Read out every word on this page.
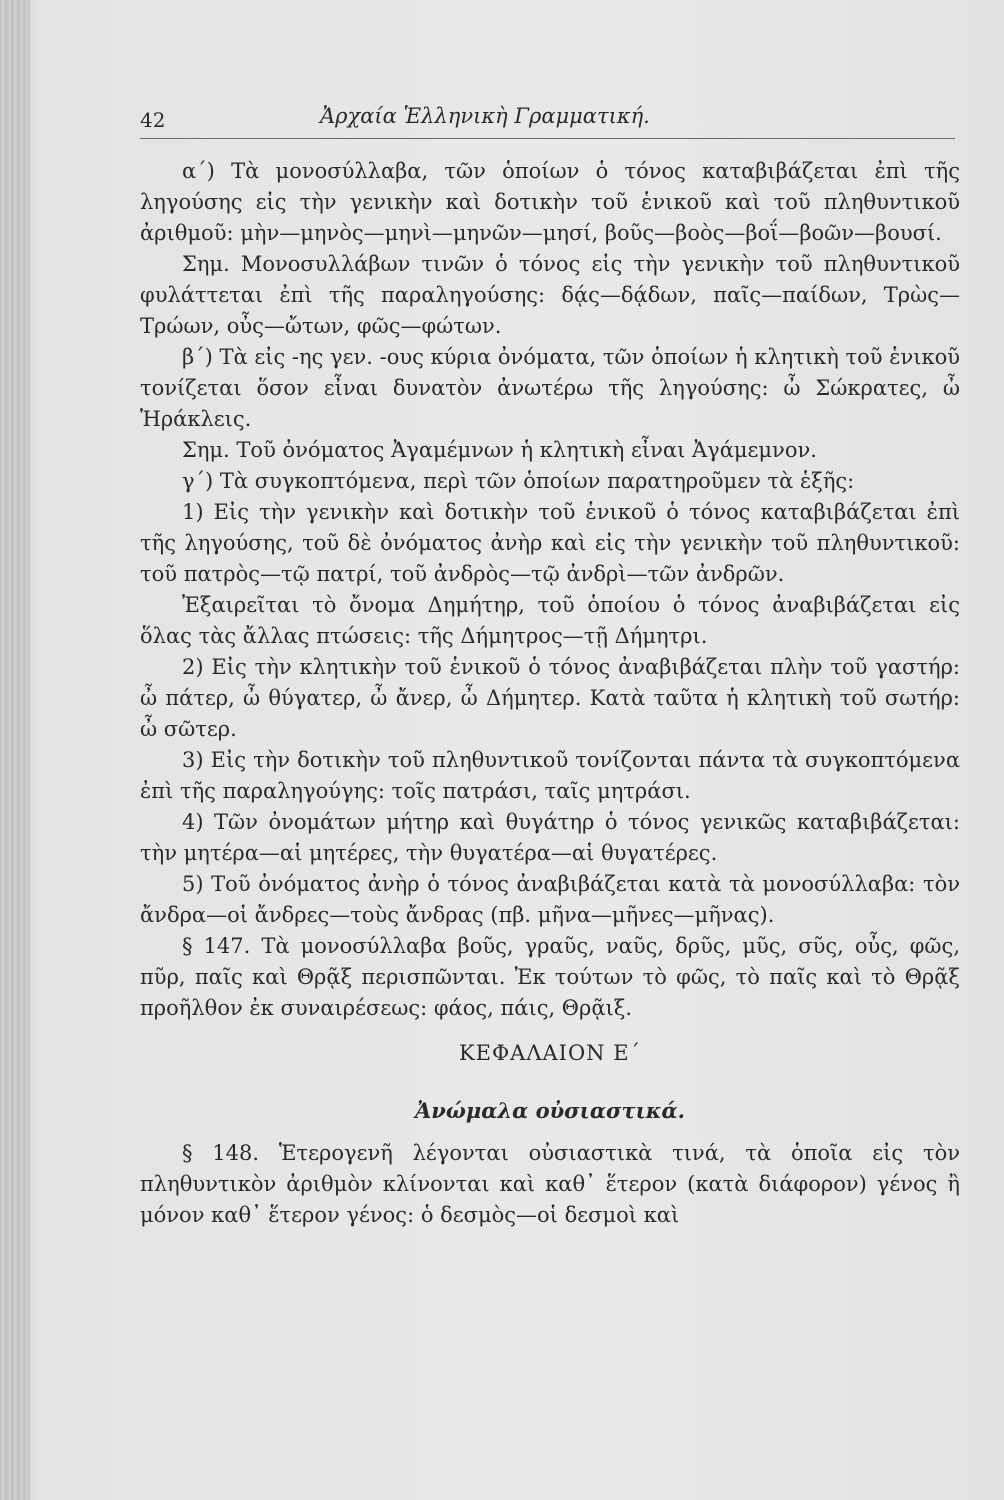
42	Ἀρχαία Ἑλληνικὴ Γραμματική.

α΄) Τὰ μονοσύλλαβα, τῶν ὁποίων ὁ τόνος καταβιβάζεται ἐπὶ τῆς ληγούσης εἰς τὴν γενικὴν καὶ δοτικὴν τοῦ ἑνικοῦ καὶ τοῦ πληθυντικοῦ ἀριθμοῦ: μὴν—μηνὸς—μηνὶ—μηνῶν—μησί, βοῦς—βοὸς—βοΐ—βοῶν—βουσί.

Σημ. Μονοσυλλάβων τινῶν ὁ τόνος εἰς τὴν γενικὴν τοῦ πληθυντικοῦ φυλάττεται ἐπὶ τῆς παραληγούσης: δᾴς—δᾴδων, παῖς—παίδων, Τρὼς—Τρώων, οὖς—ὤτων, φῶς—φώτων.

β΄) Τὰ εἰς -ης γεν. -ους κύρια ὀνόματα, τῶν ὁποίων ἡ κλητικὴ τοῦ ἑνικοῦ τονίζεται ὅσον εἶναι δυνατὸν ἀνωτέρω τῆς ληγούσης: ὦ Σώκρατες, ὦ Ἡράκλεις.

Σημ. Τοῦ ὀνόματος Ἀγαμέμνων ἡ κλητικὴ εἶναι Ἀγάμεμνον.

γ΄) Τὰ συγκοπτόμενα, περὶ τῶν ὁποίων παρατηροῦμεν τὰ ἑξῆς:

1) Εἰς τὴν γενικὴν καὶ δοτικὴν τοῦ ἑνικοῦ ὁ τόνος καταβιβάζεται ἐπὶ τῆς ληγούσης, τοῦ δὲ ὀνόματος ἀνὴρ καὶ εἰς τὴν γενικὴν τοῦ πληθυντικοῦ: τοῦ πατρὸς—τῷ πατρί, τοῦ ἀνδρὸς—τῷ ἀνδρὶ—τῶν ἀνδρῶν.

Ἐξαιρεῖται τὸ ὄνομα Δημήτηρ, τοῦ ὁποίου ὁ τόνος ἀναβιβάζεται εἰς ὅλας τὰς ἄλλας πτώσεις: τῆς Δήμητρος—τῇ Δήμητρι.

2) Εἰς τὴν κλητικὴν τοῦ ἑνικοῦ ὁ τόνος ἀναβιβάζεται πλὴν τοῦ γαστήρ: ὦ πάτερ, ὦ θύγατερ, ὦ ἄνερ, ὦ Δήμητερ. Κατὰ ταῦτα ἡ κλητικὴ τοῦ σωτήρ: ὦ σῶτερ.

3) Εἰς τὴν δοτικὴν τοῦ πληθυντικοῦ τονίζονται πάντα τὰ συγκοπτόμενα ἐπὶ τῆς παραληγούγης: τοῖς πατράσι, ταῖς μητράσι.

4) Τῶν ὀνομάτων μήτηρ καὶ θυγάτηρ ὁ τόνος γενικῶς καταβιβάζεται: τὴν μητέρα—αἱ μητέρες, τὴν θυγατέρα—αἱ θυγατέρες.

5) Τοῦ ὀνόματος ἀνὴρ ὁ τόνος ἀναβιβάζεται κατὰ τὰ μονοσύλλαβα: τὸν ἄνδρα—οἱ ἄνδρες—τοὺς ἄνδρας (πβ. μῆνα—μῆνες—μῆνας).

§ 147. Τὰ μονοσύλλαβα βοῦς, γραῦς, ναῦς, δρῦς, μῦς, σῦς, οὖς, φῶς, πῦρ, παῖς καὶ Θρᾷξ περισπῶνται. Ἐκ τούτων τὸ φῶς, τὸ παῖς καὶ τὸ Θρᾷξ προῆλθον ἐκ συναιρέσεως: φάος, πάις, Θρᾷιξ.

ΚΕΦΑΛΑΙΟΝ Ε΄

Ἀνώμαλα οὐσιαστικά.

§ 148. Ἑτερογενῆ λέγονται οὐσιαστικὰ τινά, τὰ ὁποῖα εἰς τὸν πληθυντικὸν ἀριθμὸν κλίνονται καὶ καθ᾽ ἕτερον (κατὰ διάφορον) γένος ἢ μόνον καθ᾽ ἕτερον γένος: ὁ δεσμὸς—οἱ δεσμοὶ καὶ
